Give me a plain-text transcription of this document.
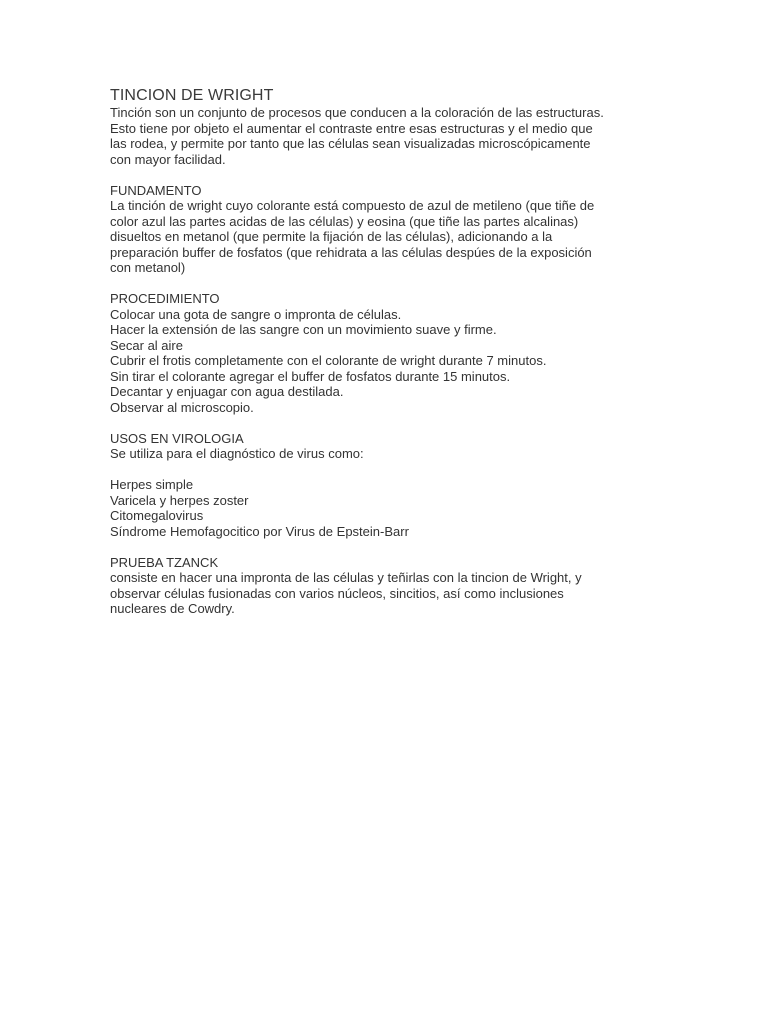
TINCION DE WRIGHT

Tinción son un conjunto de procesos que conducen a la coloración de las estructuras.
Esto tiene por objeto el aumentar el contraste entre esas estructuras y el medio que
las rodea, y permite por tanto que las células sean visualizadas microscópicamente
con mayor facilidad.

FUNDAMENTO

La tinción de wright cuyo colorante está compuesto de azul de metileno (que tiñe de
color azul las partes acidas de las células) y eosina (que tiñe las partes alcalinas)
disueltos en metanol (que permite la fijación de las células), adicionando a la
preparación buffer de fosfatos (que rehidrata a las células despúes de la exposición
con metanol)

PROCEDIMIENTO

Colocar una gota de sangre o impronta de células.
Hacer la extensión de las sangre con un movimiento suave y firme.
Secar al aire
Cubrir el frotis completamente con el colorante de wright durante 7 minutos.
Sin tirar el colorante agregar el buffer de fosfatos durante 15 minutos.
Decantar y enjuagar con agua destilada.
Observar al microscopio.

USOS EN VIROLOGIA

Se utiliza para el diagnóstico de virus como:
Herpes simple
Varicela y herpes zoster
Citomegalovirus
Síndrome Hemofagocitico por Virus de Epstein-Barr

PRUEBA TZANCK

consiste en hacer una impronta de las células y teñirlas con la tincion de Wright, y
observar células fusionadas con varios núcleos, sincitios, así como inclusiones
nucleares de Cowdry.
